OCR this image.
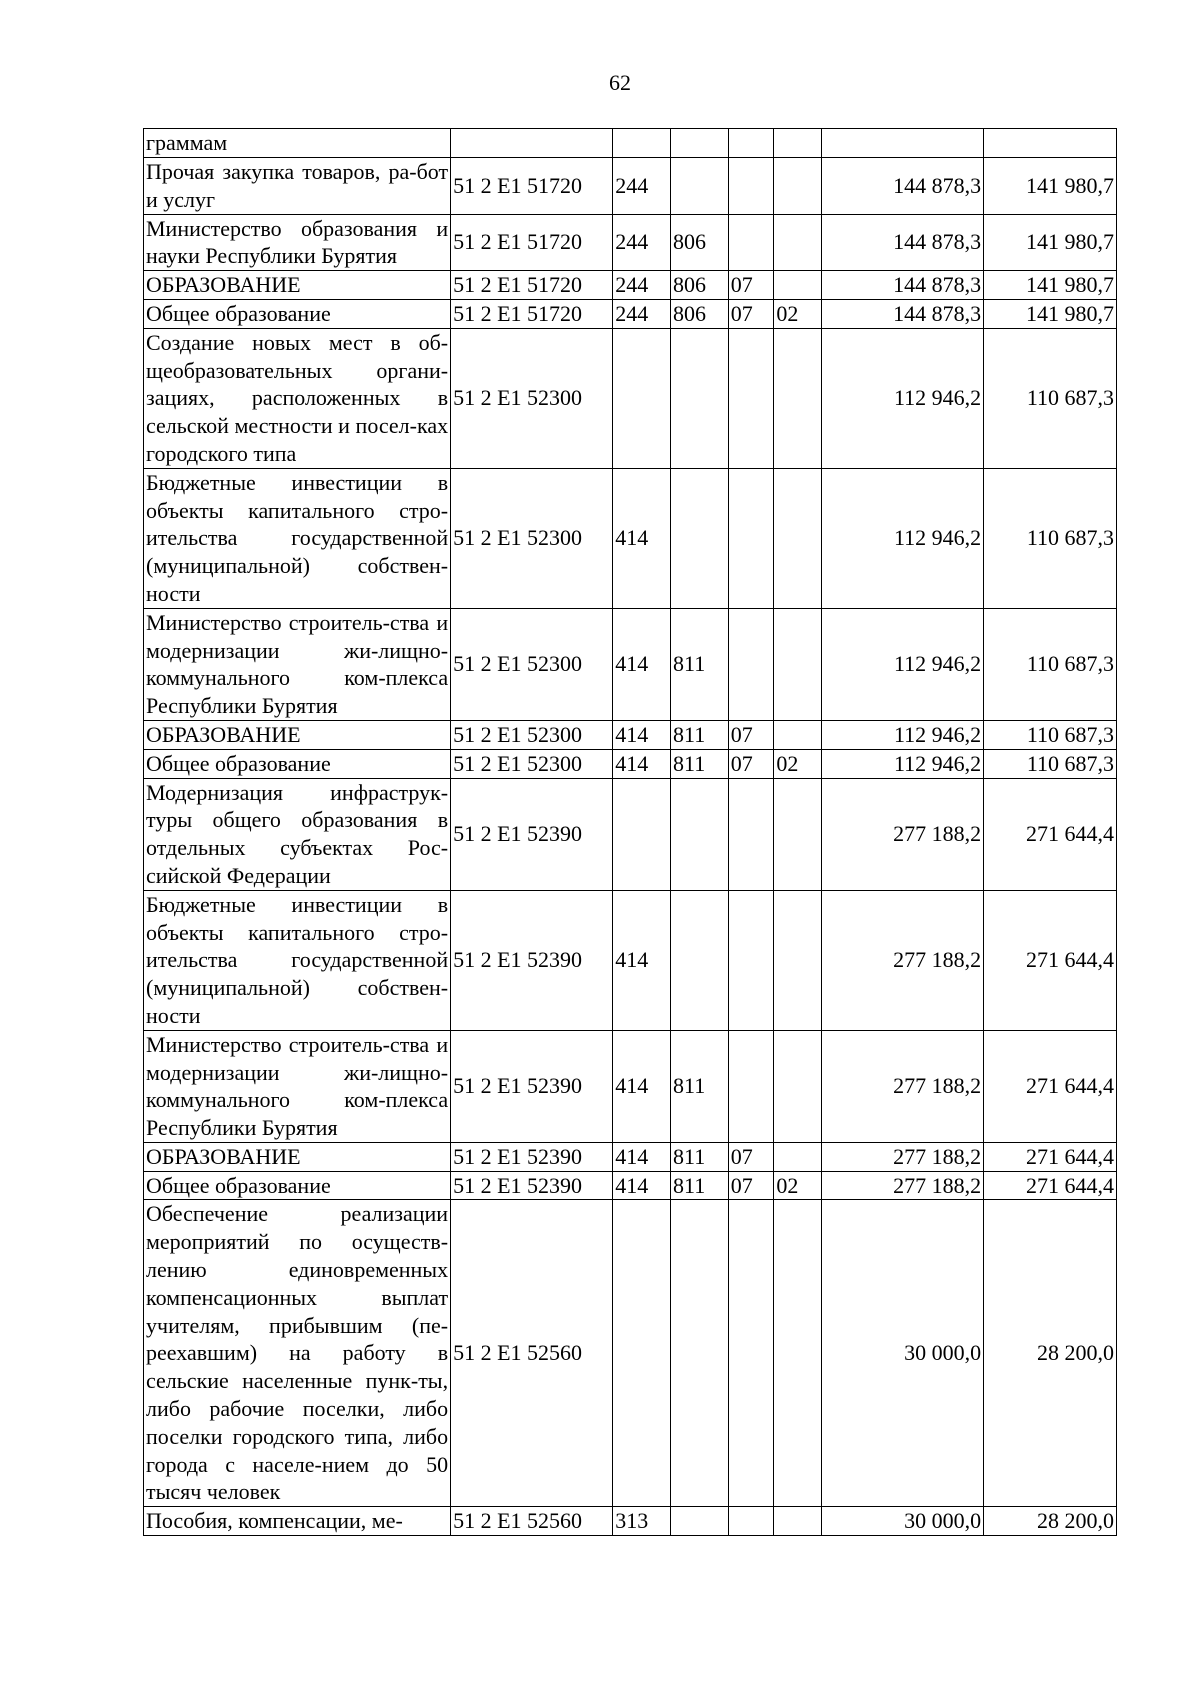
62
граммам							
Прочая закупка товаров, ра-бот и услуг	51 2 E1 51720	244				144 878,3	141 980,7
Министерство образования и науки Республики Бурятия	51 2 E1 51720	244	806			144 878,3	141 980,7
ОБРАЗОВАНИЕ	51 2 E1 51720	244	806	07		144 878,3	141 980,7
Общее образование	51 2 E1 51720	244	806	07	02	144 878,3	141 980,7
Создание новых мест в об-щеобразовательных органи-зациях, расположенных в сельской местности и посел-ках городского типа	51 2 E1 52300					112 946,2	110 687,3
Бюджетные инвестиции в объекты капитального стро-ительства государственной (муниципальной) собствен-ности	51 2 E1 52300	414				112 946,2	110 687,3
Министерство строитель-ства и модернизации жи-лищно-коммунального ком-плекса Республики Бурятия	51 2 E1 52300	414	811			112 946,2	110 687,3
ОБРАЗОВАНИЕ	51 2 E1 52300	414	811	07		112 946,2	110 687,3
Общее образование	51 2 E1 52300	414	811	07	02	112 946,2	110 687,3
Модернизация инфраструк-туры общего образования в отдельных субъектах Рос-сийской Федерации	51 2 E1 52390					277 188,2	271 644,4
Бюджетные инвестиции в объекты капитального стро-ительства государственной (муниципальной) собствен-ности	51 2 E1 52390	414				277 188,2	271 644,4
Министерство строитель-ства и модернизации жи-лищно-коммунального ком-плекса Республики Бурятия	51 2 E1 52390	414	811			277 188,2	271 644,4
ОБРАЗОВАНИЕ	51 2 E1 52390	414	811	07		277 188,2	271 644,4
Общее образование	51 2 E1 52390	414	811	07	02	277 188,2	271 644,4
Обеспечение реализации мероприятий по осуществ-лению единовременных компенсационных выплат учителям, прибывшим (пе-реехавшим) на работу в сельские населенные пунк-ты, либо рабочие поселки, либо поселки городского типа, либо города с населе-нием до 50 тысяч человек	51 2 E1 52560					30 000,0	28 200,0
Пособия, компенсации, ме-	51 2 E1 52560	313				30 000,0	28 200,0
